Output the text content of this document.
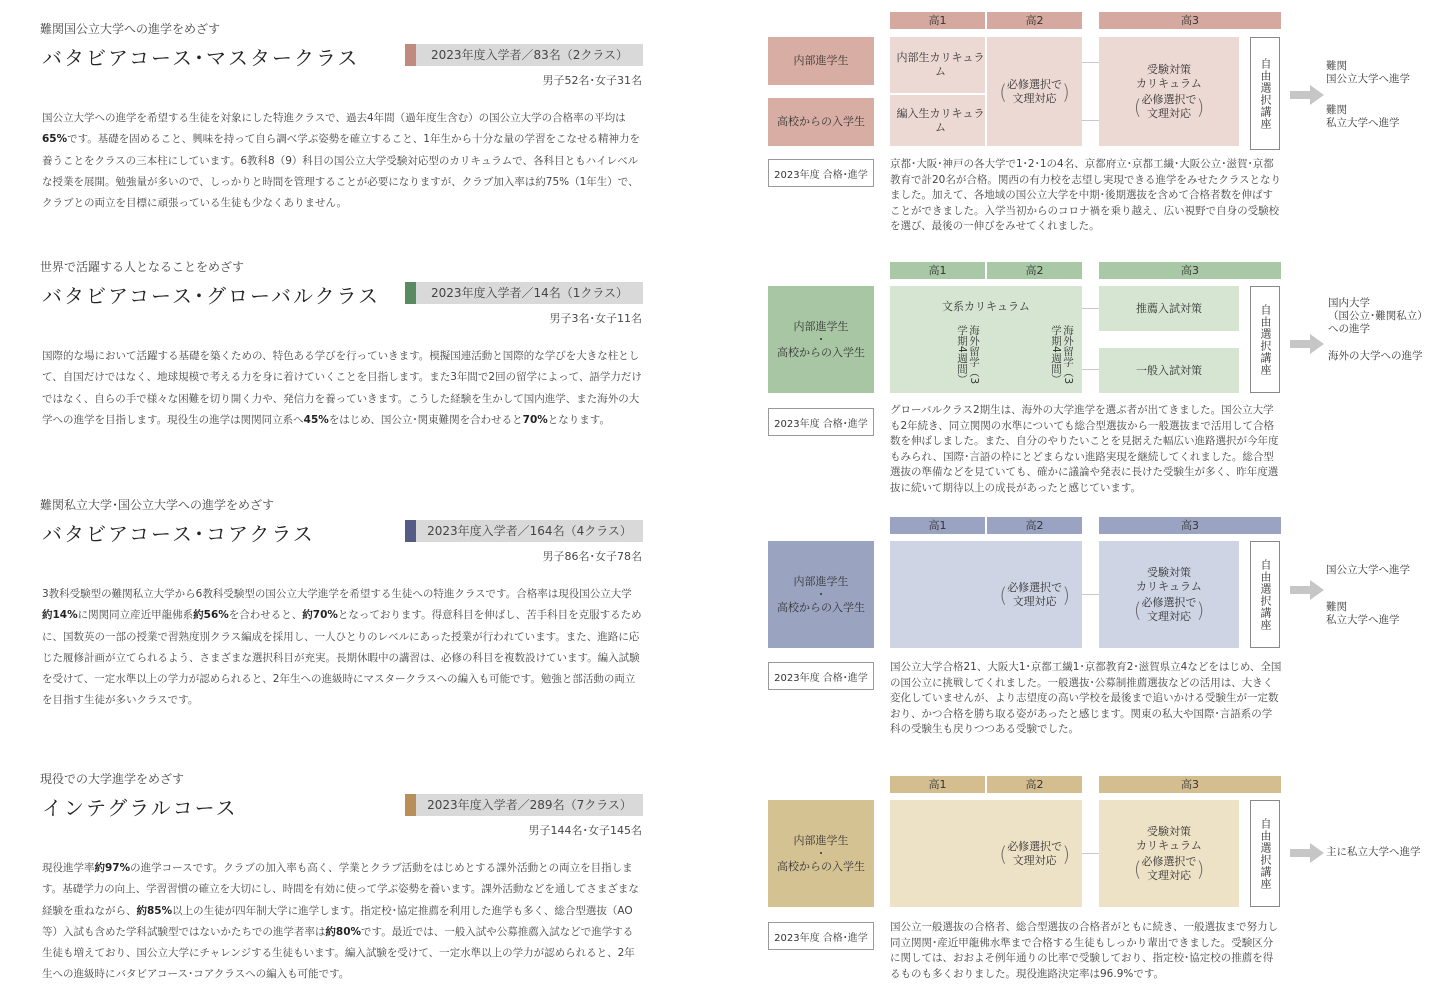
難関国公立大学への進学をめざす
バタビアコース･マスタークラス	2023年度入学者／83名（2クラス）
男子52名･女子31名
国公立大学への進学を希望する生徒を対象にした特進クラスで、過去4年間（過年度生含む）の国公立大学の合格率の平均は65%です。基礎を固めること、興味を持って自ら調べ学ぶ姿勢を確立すること、1年生から十分な量の学習をこなせる精神力を養うことをクラスの三本柱にしています。6教科8（9）科目の国公立大学受験対応型のカリキュラムで、各科目ともハイレベルな授業を展開。勉強量が多いので、しっかりと時間を管理することが必要になりますが、クラブ加入率は約75%（1年生）で、クラブとの両立を目標に頑張っている生徒も少なくありません。
世界で活躍する人となることをめざす
バタビアコース･グローバルクラス	2023年度入学者／14名（1クラス）
男子3名･女子11名
国際的な場において活躍する基礎を築くための、特色ある学びを行っていきます。模擬国連活動と国際的な学びを大きな柱として、自国だけではなく、地球規模で考える力を身に着けていくことを目指します。また3年間で2回の留学によって、語学力だけではなく、自らの手で様々な困難を切り開く力や、発信力を養っていきます。こうした経験を生かして国内進学、また海外の大学への進学を目指します。現役生の進学は関関同立系へ45%をはじめ、国公立･関東難関を合わせると70%となります。
難関私立大学･国公立大学への進学をめざす
バタビアコース･コアクラス	2023年度入学者／164名（4クラス）
男子86名･女子78名
3教科受験型の難関私立大学から6教科受験型の国公立大学進学を希望する生徒への特進クラスです。合格率は現役国公立大学約14%に関関同立産近甲龍佛系約56%を合わせると、約70%となっております。得意科目を伸ばし、苦手科目を克服するために、国数英の一部の授業で習熟度別クラス編成を採用し、一人ひとりのレベルにあった授業が行われています。また、進路に応じた履修計画が立てられるよう、さまざまな選択科目が充実。長期休暇中の講習は、必修の科目を複数設けています。編入試験を受けて、一定水準以上の学力が認められると、2年生への進級時にマスタークラスへの編入も可能です。勉強と部活動の両立を目指す生徒が多いクラスです。
現役での大学進学をめざす
インテグラルコース	2023年度入学者／289名（7クラス）
男子144名･女子145名
現役進学率約97%の進学コースです。クラブの加入率も高く、学業とクラブ活動をはじめとする課外活動との両立を目指します。基礎学力の向上、学習習慣の確立を大切にし、時間を有効に使って学ぶ姿勢を養います。課外活動などを通してさまざまな経験を重ねながら、約85%以上の生徒が四年制大学に進学します。指定校･協定推薦を利用した進学も多く、総合型選抜（AO等）入試も含めた学科試験型ではないかたちでの進学者率は約80%です。最近では、一般入試や公募推薦入試などで進学する生徒も増えており、国公立大学にチャレンジする生徒もいます。編入試験を受けて、一定水準以上の学力が認められると、2年生への進級時にバタビアコース･コアクラスへの編入も可能です。
高1	高2	高3
内部進学生
高校からの入学生
内部生カリキュラム
編入生カリキュラム
( 必修選択で
文理対応 )
受験対策
カリキュラム
( 必修選択で
文理対応 )	自由選択講座	難関
国公立大学へ進学
難関
私立大学へ進学
2023年度 合格･進学
京都･大阪･神戸の各大学で1･2･1の4名、京都府立･京都工繊･大阪公立･滋賀･京都教育で計20名が合格。関西の有力校を志望し実現できる進学をみせたクラスとなりました。加えて、各地域の国公立大学を中期･後期選抜を含めて合格者数を伸ばすことができました。入学当初からのコロナ禍を乗り越え、広い視野で自身の受験校を選び、最後の一伸びをみせてくれました。
高1	高2	高3
内部進学生
･
高校からの入学生
文系カリキュラム
海外留学（3学期4週間）	海外留学（3学期4週間）
推薦入試対策
一般入試対策	自由選択講座
国内大学
（国公立･難関私立）
への進学
海外の大学への進学
2023年度 合格･進学
グローバルクラス2期生は、海外の大学進学を選ぶ者が出てきました。国公立大学も2年続き、同立関関の水準についても総合型選抜から一般選抜まで活用して合格数を伸ばしました。また、自分のやりたいことを見据えた幅広い進路選択が今年度もみられ、国際･言語の枠にとどまらない進路実現を継続してくれました。総合型選抜の準備などを見ていても、確かに議論や発表に長けた受験生が多く、昨年度選抜に続いて期待以上の成長があったと感じています。
高1	高2	高3
内部進学生
･
高校からの入学生
( 必修選択で
文理対応 )
受験対策
カリキュラム
( 必修選択で
文理対応 )	自由選択講座	国公立大学へ進学
難関
私立大学へ進学
2023年度 合格･進学
国公立大学合格21、大阪大1･京都工繊1･京都教育2･滋賀県立4などをはじめ、全国の国公立に挑戦してくれました。一般選抜･公募制推薦選抜などの活用は、大きく変化していませんが、より志望度の高い学校を最後まで追いかける受験生が一定数おり、かつ合格を勝ち取る姿があったと感じます。関東の私大や国際･言語系の学科の受験生も戻りつつある受験でした。
高1	高2	高3
内部進学生
･
高校からの入学生
( 必修選択で
文理対応 )
受験対策
カリキュラム
( 必修選択で
文理対応 )	自由選択講座	主に私立大学へ進学
2023年度 合格･進学
国公立一般選抜の合格者、総合型選抜の合格者がともに続き、一般選抜まで努力し同立関関･産近甲龍佛水準まで合格する生徒もしっかり輩出できました。受験区分に関しては、おおよそ例年通りの比率で受験しており、指定校･協定校の推薦を得るものも多くおりました。現役進路決定率は96.9%です。
